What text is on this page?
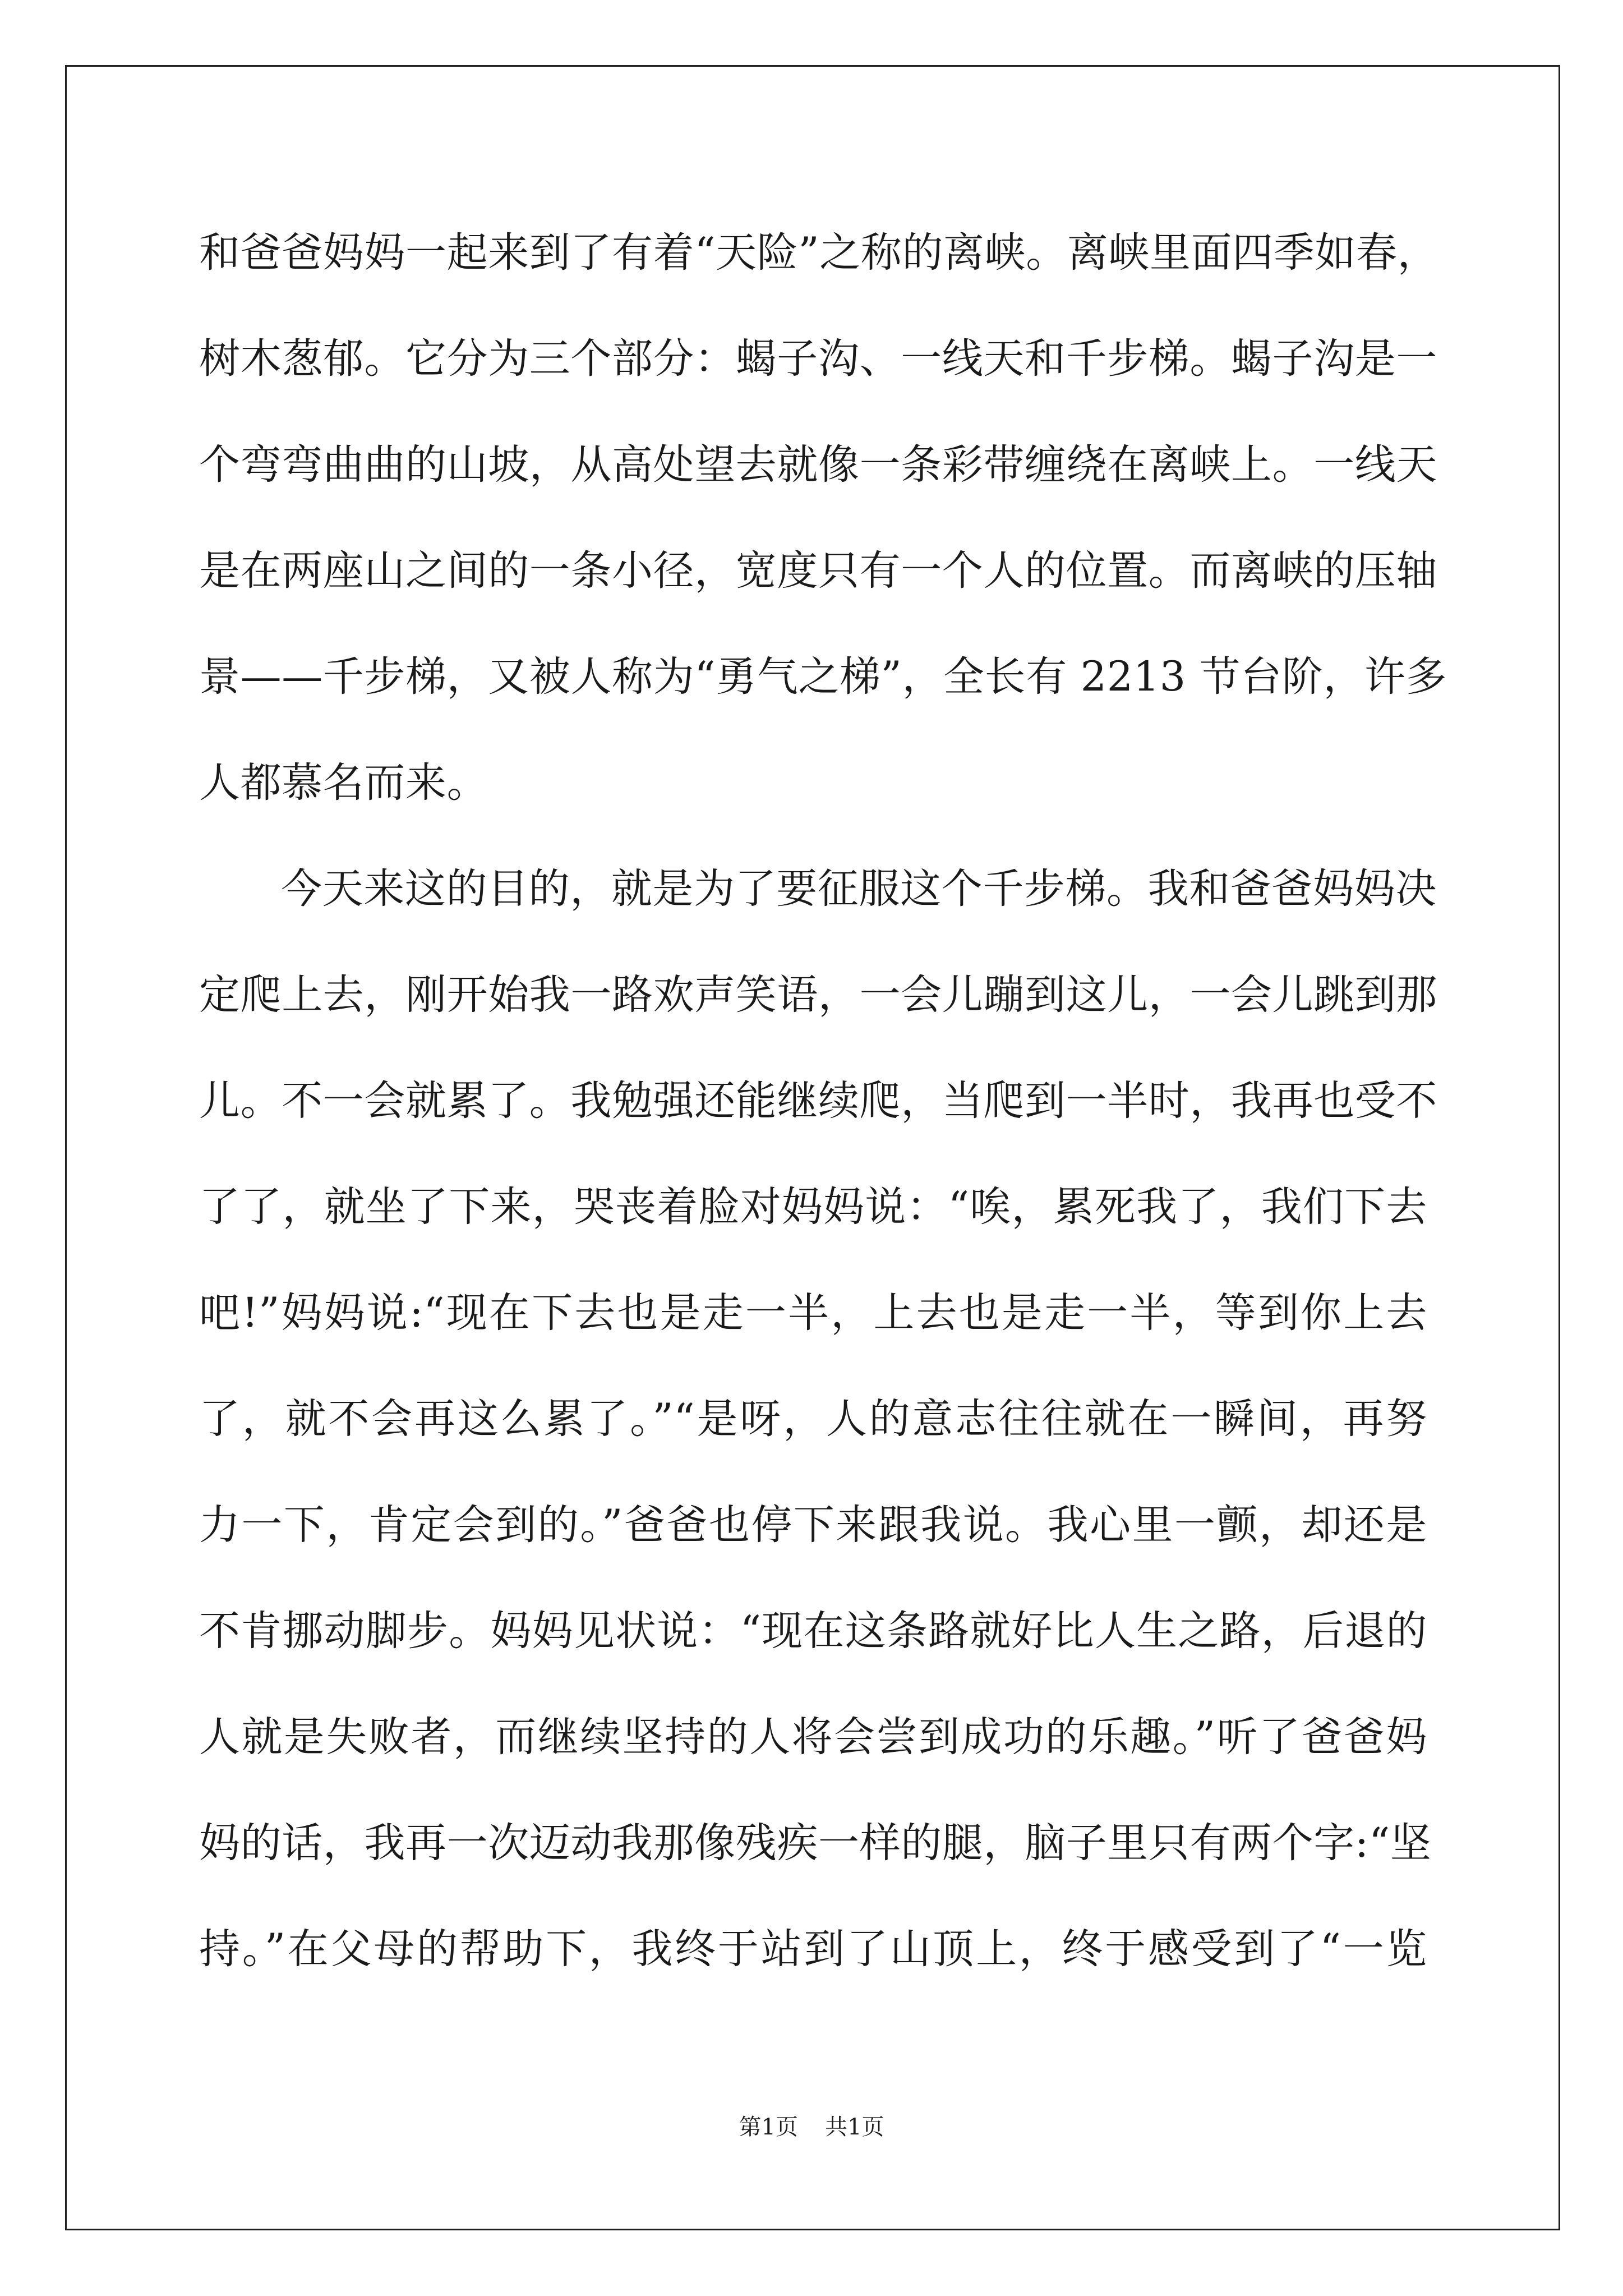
和爸爸妈妈一起来到了有着“天险”之称的离峡。离峡里面四季如春，
树木葱郁。它分为三个部分：蝎子沟、一线天和千步梯。蝎子沟是一
个弯弯曲曲的山坡，从高处望去就像一条彩带缠绕在离峡上。一线天
是在两座山之间的一条小径，宽度只有一个人的位置。而离峡的压轴
景——千步梯，又被人称为“勇气之梯”，全长有 2213 节台阶，许多
人都慕名而来。
今天来这的目的，就是为了要征服这个千步梯。我和爸爸妈妈决
定爬上去，刚开始我一路欢声笑语，一会儿蹦到这儿，一会儿跳到那
儿。不一会就累了。我勉强还能继续爬，当爬到一半时，我再也受不
了了，就坐了下来，哭丧着脸对妈妈说：“唉，累死我了，我们下去
吧!”妈妈说:“现在下去也是走一半，上去也是走一半，等到你上去
了，就不会再这么累了。”“是呀，人的意志往往就在一瞬间，再努
力一下，肯定会到的。”爸爸也停下来跟我说。我心里一颤，却还是
不肯挪动脚步。妈妈见状说：“现在这条路就好比人生之路，后退的
人就是失败者，而继续坚持的人将会尝到成功的乐趣。”听了爸爸妈
妈的话，我再一次迈动我那像残疾一样的腿，脑子里只有两个字:“坚
持。”在父母的帮助下，我终于站到了山顶上，终于感受到了“一览
第1页 共1页
